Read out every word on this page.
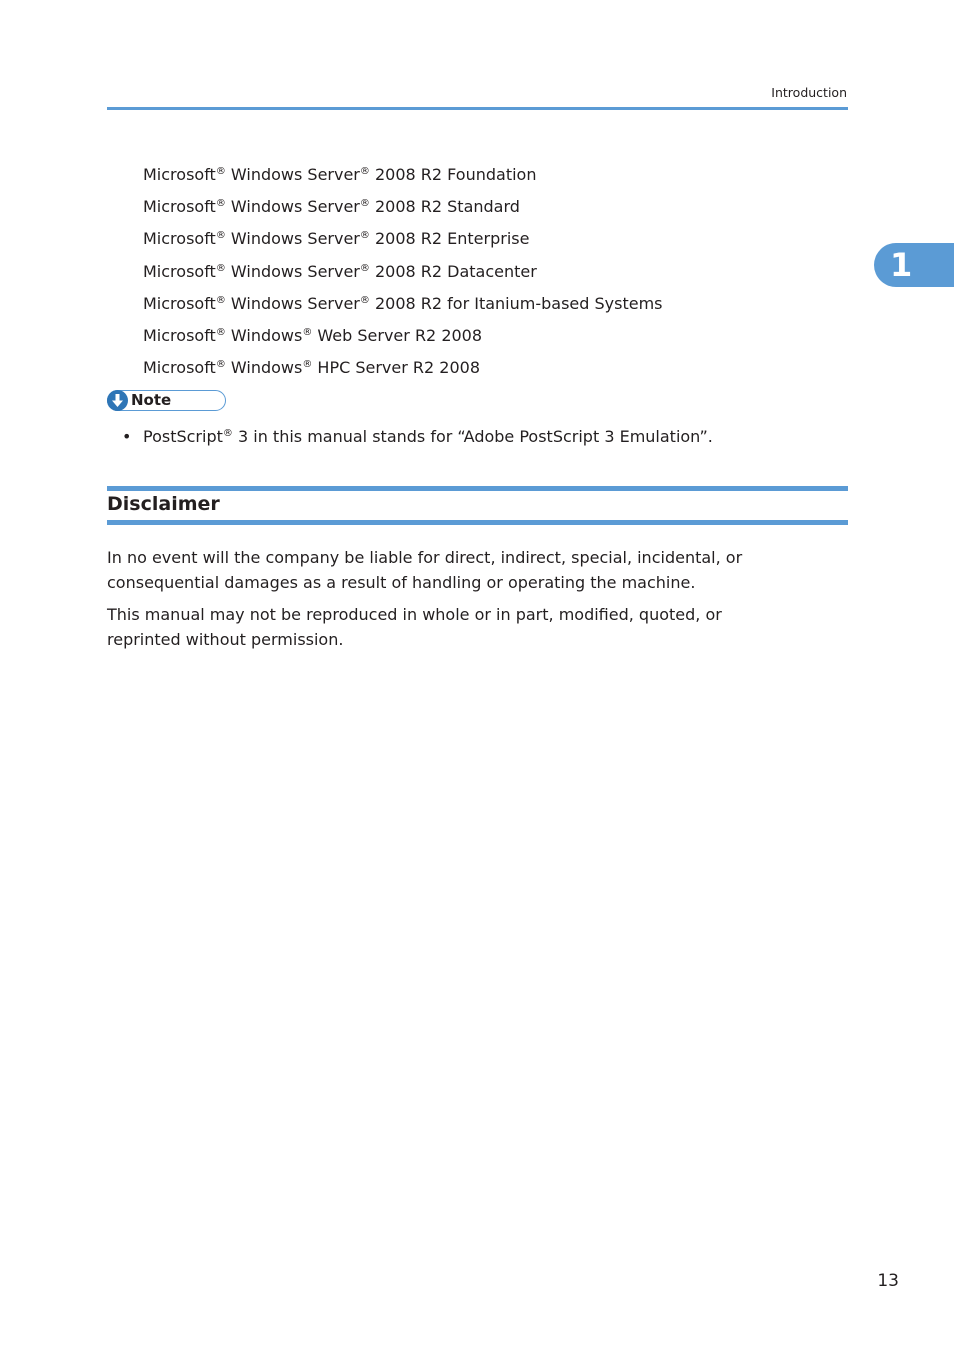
Introduction
1
Microsoft® Windows Server® 2008 R2 Foundation
Microsoft® Windows Server® 2008 R2 Standard
Microsoft® Windows Server® 2008 R2 Enterprise
Microsoft® Windows Server® 2008 R2 Datacenter
Microsoft® Windows Server® 2008 R2 for Itanium-based Systems
Microsoft® Windows® Web Server R2 2008
Microsoft® Windows® HPC Server R2 2008
Note
• PostScript® 3 in this manual stands for “Adobe PostScript 3 Emulation”.
Disclaimer

In no event will the company be liable for direct, indirect, special, incidental, or consequential damages as a result of handling or operating the machine.

This manual may not be reproduced in whole or in part, modified, quoted, or reprinted without permission.

13
